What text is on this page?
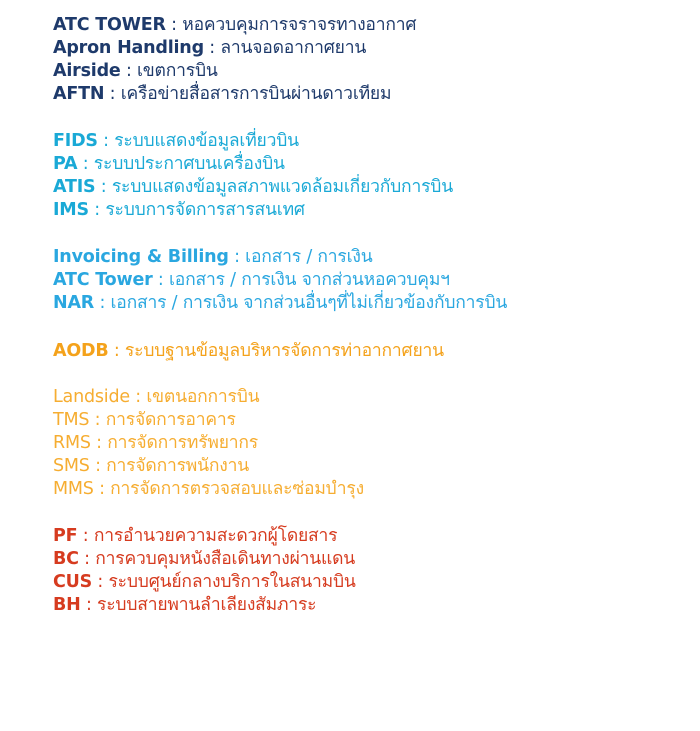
ATC TOWER : หอควบคุมการจราจรทางอากาศ
Apron Handling : ลานจอดอากาศยาน
Airside : เขตการบิน
AFTN : เครือข่ายสื่อสารการบินผ่านดาวเทียม
FIDS : ระบบแสดงข้อมูลเที่ยวบิน
PA : ระบบประกาศบนเครื่องบิน
ATIS : ระบบแสดงข้อมูลสภาพแวดล้อมเกี่ยวกับการบิน
IMS : ระบบการจัดการสารสนเทศ
Invoicing & Billing : เอกสาร / การเงิน
ATC Tower : เอกสาร / การเงิน จากส่วนหอควบคุมฯ
NAR : เอกสาร / การเงิน จากส่วนอื่นๆที่ไม่เกี่ยวข้องกับการบิน
AODB : ระบบฐานข้อมูลบริหารจัดการท่าอากาศยาน
Landside : เขตนอกการบิน
TMS : การจัดการอาคาร
RMS : การจัดการทรัพยากร
SMS : การจัดการพนักงาน
MMS : การจัดการตรวจสอบและซ่อมบำรุง
PF : การอำนวยความสะดวกผู้โดยสาร
BC : การควบคุมหนังสือเดินทางผ่านแดน
CUS : ระบบศูนย์กลางบริการในสนามบิน
BH : ระบบสายพานลำเลียงสัมภาระ
